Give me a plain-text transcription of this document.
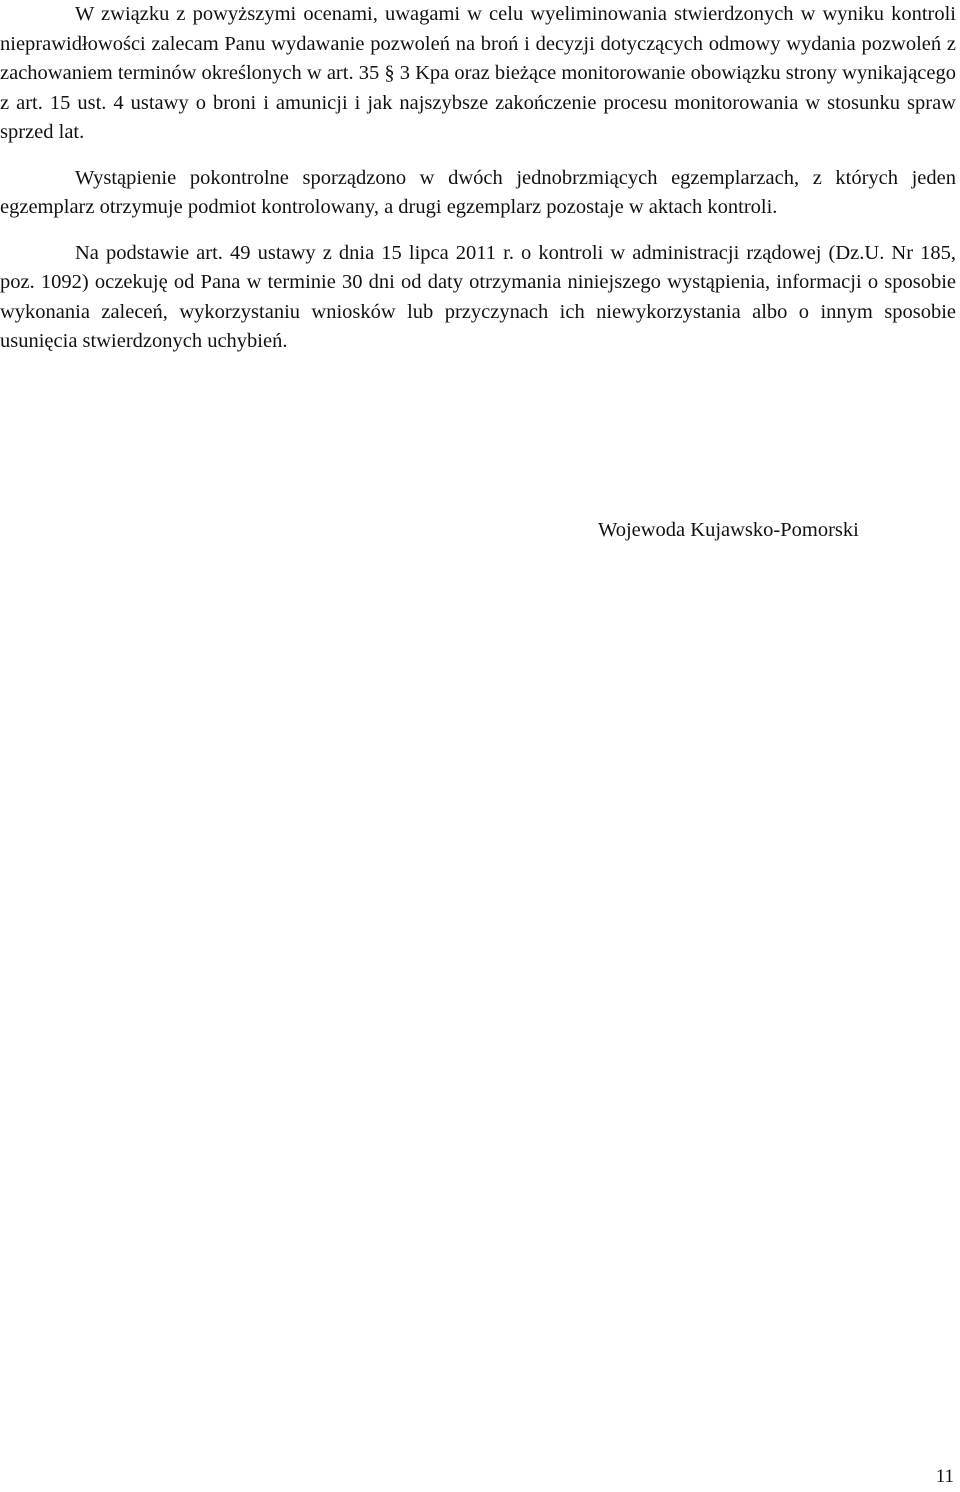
W związku z powyższymi ocenami, uwagami w celu wyeliminowania stwierdzonych w wyniku kontroli nieprawidłowości zalecam Panu wydawanie pozwoleń na broń i decyzji dotyczących odmowy wydania pozwoleń z zachowaniem terminów określonych w art. 35 § 3 Kpa oraz bieżące monitorowanie obowiązku strony wynikającego z art. 15 ust. 4 ustawy o broni i amunicji i jak najszybsze zakończenie procesu monitorowania w stosunku spraw sprzed lat.

Wystąpienie pokontrolne sporządzono w dwóch jednobrzmiących egzemplarzach, z których jeden egzemplarz otrzymuje podmiot kontrolowany, a drugi egzemplarz pozostaje w aktach kontroli.

Na podstawie art. 49 ustawy z dnia 15 lipca 2011 r. o kontroli w administracji rządowej (Dz.U. Nr 185, poz. 1092) oczekuję od Pana w terminie 30 dni od daty otrzymania niniejszego wystąpienia, informacji o sposobie wykonania zaleceń, wykorzystaniu wniosków lub przyczynach ich niewykorzystania albo o innym sposobie usunięcia stwierdzonych uchybień.

Wojewoda Kujawsko-Pomorski
11
